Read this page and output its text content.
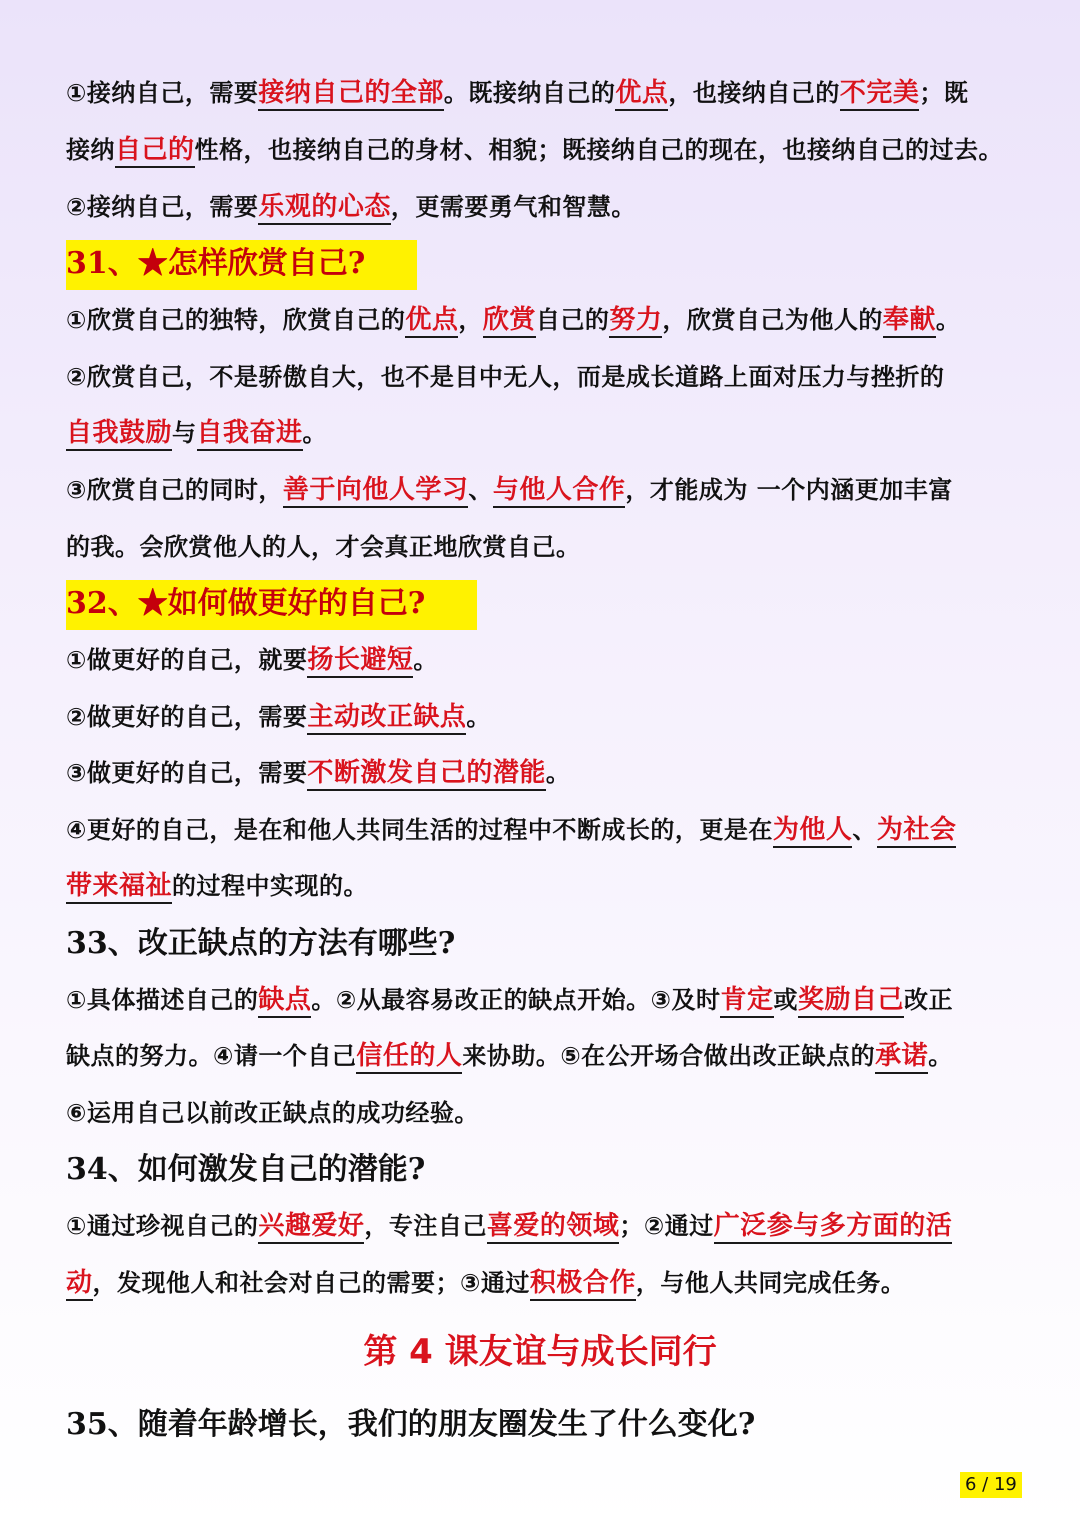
①接纳自己，需要接纳自己的全部。既接纳自己的优点，也接纳自己的不完美；既
接纳自己的性格，也接纳自己的身材、相貌；既接纳自己的现在，也接纳自己的过去。
②接纳自己，需要乐观的心态，更需要勇气和智慧。
31、★怎样欣赏自己?
①欣赏自己的独特，欣赏自己的优点，欣赏自己的努力，欣赏自己为他人的奉献。
②欣赏自己，不是骄傲自大，也不是目中无人，而是成长道路上面对压力与挫折的
自我鼓励与自我奋进。
③欣赏自己的同时，善于向他人学习、与他人合作，才能成为 一个内涵更加丰富
的我。会欣赏他人的人，才会真正地欣赏自己。
32、★如何做更好的自己?
①做更好的自己，就要扬长避短。
②做更好的自己，需要主动改正缺点。
③做更好的自己，需要不断激发自己的潜能。
④更好的自己，是在和他人共同生活的过程中不断成长的，更是在为他人、为社会
带来福祉的过程中实现的。
33、改正缺点的方法有哪些?
①具体描述自己的缺点。②从最容易改正的缺点开始。③及时肯定或奖励自己改正
缺点的努力。④请一个自己信任的人来协助。⑤在公开场合做出改正缺点的承诺。
⑥运用自己以前改正缺点的成功经验。
34、如何激发自己的潜能?
①通过珍视自己的兴趣爱好，专注自己喜爱的领域；②通过广泛参与多方面的活
动，发现他人和社会对自己的需要；③通过积极合作，与他人共同完成任务。
第 4 课友谊与成长同行
35、随着年龄增长，我们的朋友圈发生了什么变化?
6 / 19
